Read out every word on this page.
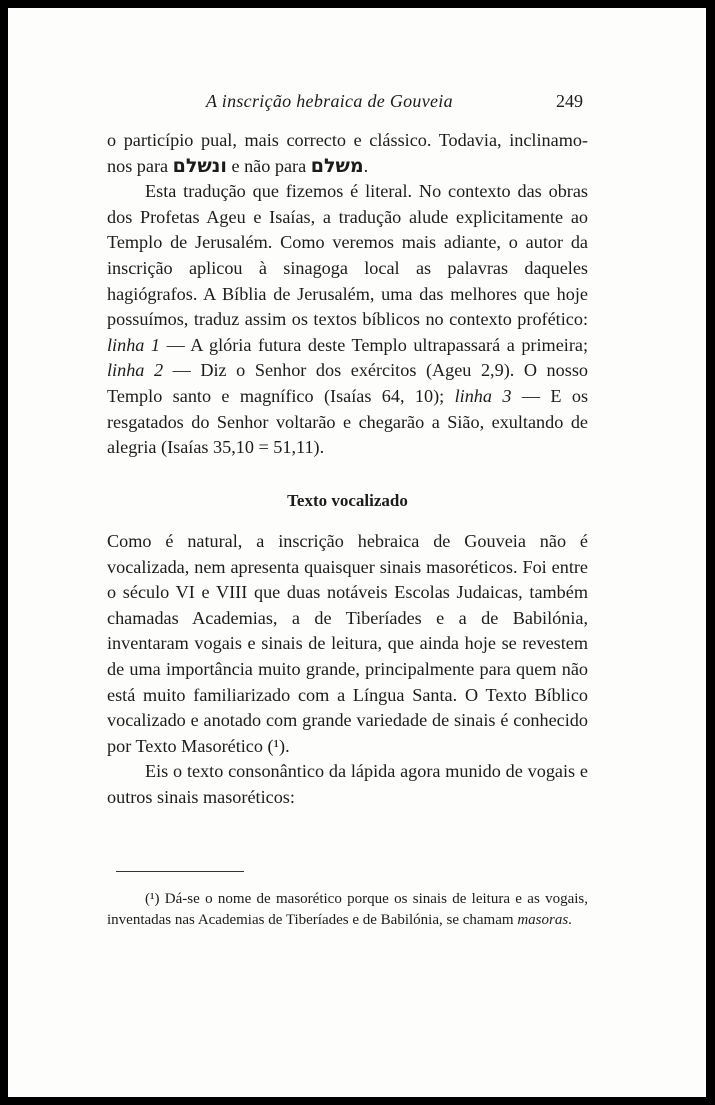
A inscrição hebraica de Gouveia	249

o particípio pual, mais correcto e clássico. Todavia, inclinamo-nos para ונשלם e não para משלם.

Esta tradução que fizemos é literal. No contexto das obras dos Profetas Ageu e Isaías, a tradução alude explicitamente ao Templo de Jerusalém. Como veremos mais adiante, o autor da inscrição aplicou à sinagoga local as palavras daqueles hagiógrafos. A Bíblia de Jerusalém, uma das melhores que hoje possuímos, traduz assim os textos bíblicos no contexto profético: linha 1 — A glória futura deste Templo ultrapassará a primeira; linha 2 — Diz o Senhor dos exércitos (Ageu 2,9). O nosso Templo santo e magnífico (Isaías 64, 10); linha 3 — E os resgatados do Senhor voltarão e chegarão a Sião, exultando de alegria (Isaías 35,10 = 51,11).

Texto vocalizado

Como é natural, a inscrição hebraica de Gouveia não é vocalizada, nem apresenta quaisquer sinais masoréticos. Foi entre o século VI e VIII que duas notáveis Escolas Judaicas, também chamadas Academias, a de Tiberíades e a de Babilónia, inventaram vogais e sinais de leitura, que ainda hoje se revestem de uma importância muito grande, principalmente para quem não está muito familiarizado com a Língua Santa. O Texto Bíblico vocalizado e anotado com grande variedade de sinais é conhecido por Texto Masorético (¹).

Eis o texto consonântico da lápida agora munido de vogais e outros sinais masoréticos:

(¹) Dá-se o nome de masorético porque os sinais de leitura e as vogais, inventadas nas Academias de Tiberíades e de Babilónia, se chamam masoras.
